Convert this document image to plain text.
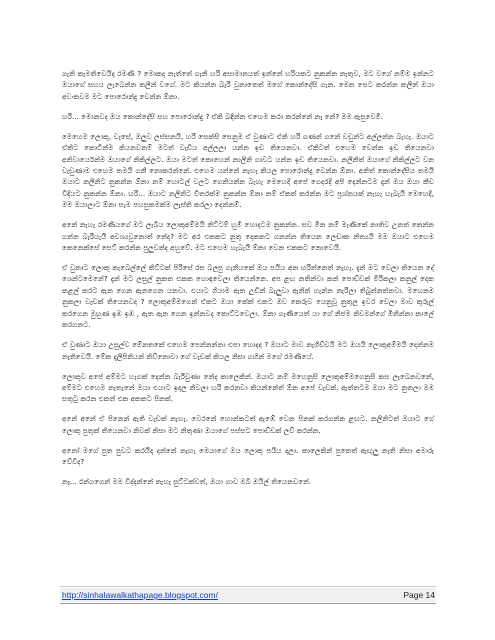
ගැනි කැමතිවෙයිද රමණී ? මොකද නැත්තේ ගැනි හරි අසාමානයත් ඉන්නේ හරියකට නුකන්න නැතුව, මට වගේ නම්ම ඉන්නට ඔයාගේ සහය ලැබෙන්න කලින් වගේ. මට කියන්න බැරි වුනාතෙත් මගේ කොන්දේසි ගැන. මෙන සෙට කරන්න කලින් ඔයා අවංකවම මට පොරොන්දු වෙන්න ඕනා.

හරි... මොනවද ඔය කොන්දේසි සහ පොරොන්දු ? ඒකි බඳින්න එහෙම කරා කරන්නේ නෑ නේ? මම ඇසුවෙමි.

මෙහෙම ලොකු, වැසේ, ඔලුව ලස්සනයි, හරි සෙක්සි සෙනුම ඒ වුණාට ඒකි හරි ගණන් ගනේ වඩුන්ට අල්ලන්න බැහැ. ඔයාට ඒකිට කොටින්ම කියනවනම් මටත් වැඩිය අල්ලලා යන්න ඉඩ තියෙනවා. ඒකිටත් එහෙම වෙන්න ඉඩ තියෙනවා අනිවාර්යෙන්ම ඔයාගේ නිකිල්ලට. ඔයා මටත් කොහෙන් නාලිනි ගාවට යන්න ඉඩ තියෙනවා. නලිනිත් ඔයාගේ නිකිල්ලට වන වැඩුණාම එහෙම තමයි ගනී නොකරන්නේ. එහෙම යන්නේ නැහැ කියල පොරොන්දු වෙන්න ඕනා. අනිත් කොන්දේසිය තමයි ඔයාට නලිනිට නුකන්න ඕනා නම් හොටල් වලට ගෙනියන්න බැහැ මෙහෙදී අපේ ගෙදරදී අපි දෙන්නටම දැන් ඔය ඔයා කීව විදියට නුකන්න ඕනා. හරි... ඔයාට නලිනිට විතරක්ම නුකන්න ඕනා නම් ඒකත් කරන්න මට ප්‍රශ්නයක් නැහැ හැබැයි මෙහෙදී, මම ඔයාලාට ඕනා සැම පහසුකමක්ම ලෑස්ති කරලා දෙන්නම්.

අනේ නැහැ රමණියගේ මට ලැබිය ලොකුඅම්මයි නිට්ටම් හුමී හොදටම නුකන්න. සව මින නම් මැණිකේ නාතිව උනත් කෙන්න ගන්න බැරියැයි අවශ්‍යවුනොත් නේද? මට අර එකකට නුතු දෙකකට ගනන්න තියෙන ලෙඩ්‍රුක නිත්‍යයි මම ඔයාට එහෙම කෙනෙක්සේ සෙට් කරන්න පුලුවන්ද අහුවේ. මට එහෙම හැබැයි ඕනා වෙන එකකට නොවෙයි.

ඒ වුනාට ලොකු කැබෙල්ලේ කිට්ටක් පිරිසේ රස බලපු ගැනියකේ ඔය පයිය අන හරින්නෙත් නැහැ. දැන් මට වෙලා තියෙන දේ ශෙන්ටමෙනේ? දැන් මට ලසුල් නුකත එකක හොඳවෙලා තියෙන්නෙ. අප ළඟ නතින්වා කන් පොඩ්ඩක් මිරිකලා කනුල් දෙක කළල් කරට ඇන ගෙන ඇනගෙන යනවා. එයාට ගියාම ඇත උඩින් බැලුවා ඇනින් හැන්න නැරිලා තිබුන්නත්නවා. මහෙනම නුකලා වැඩක් තියෙනවද ? ලොකුඅම්මගෙන් ඒකට ඔයා කේක් එකට ඔව කෙරුව යෙනුවූ නුතුල ඉවර වෙලා මාව කුරුල් කරගෙන මුහුණ ඉඹ ඉඹ , ඇත ඇන ගෙන ඉන්නවද කොට්ටවෙලා. ඕනා ගැණියෙත් යා ගේ නිජම නිවමන්ගේ මිනින්නා කාලේ කරගනට.

ඒ වුණාට ඔයා උසුල්ව මේනතකේ එහෙම පෙන්නන්නා එපා හොදද ? ඔයාට මාව නැගිච්චයි මට ඔයයි ලොකුඅම්මයි දෙන්නම නැතිවෙයි. මේක දැලිපිනියන් නිව්නොවා ගේ වැඩක් කියල නිසා ගහින් මගේ රමණියේ.

ලොකුව අපේ අම්මට හැගක් දෙන්න බැරිවුණා නේද කාලෙකින්. ඔයාට නම් මහෙනුසි ලොකුඅම්මගෙනුසි කස ලැබෙනවනේ, අම්මට එහෙම නැතැනේ ඔයා එයාට ඉදල නිවලා හරි කරනවා කියන්නේත් ඕන අපේ වැඩක්. ඇත්තටම ඔයා මට නුතලා මම සතුටු කරන එකත් එක අකකට පිනක්.

අනේ අනේ ඒ පිනෙන් ඇති වැඩක් නැහැ. වෙරනේ හොන්කටත් ඇඹේ වෙන පිනක් කරගන්න ළඟට. නලිනිටත් ඔයාට ගේ ලොකු පුතුක් තියෙනවා නිවක් නිසා මට නිතුණා ඔයාගේ පස්සට පොඩ්ඩක් ලව් කරන්න.

අනෝ මගේ පුත පුවට කරයිද දන්නේ නැහැ මෙයාගේ ඔය ලොකු පයිය දාලා. කාලෙකින් පුතෙත් ඇඟුලු නැති නිසා අමාරු වේවිද?

නෑ... රන්ගගෙන් මම විද්දන්නේ නැහැ සුට්ටක්වත්, ඔයා ගාව ඔබී ඔයිල් තියෙනවනේ.

http://sinhalawalkathapage.blogspot.com/	Page 14
